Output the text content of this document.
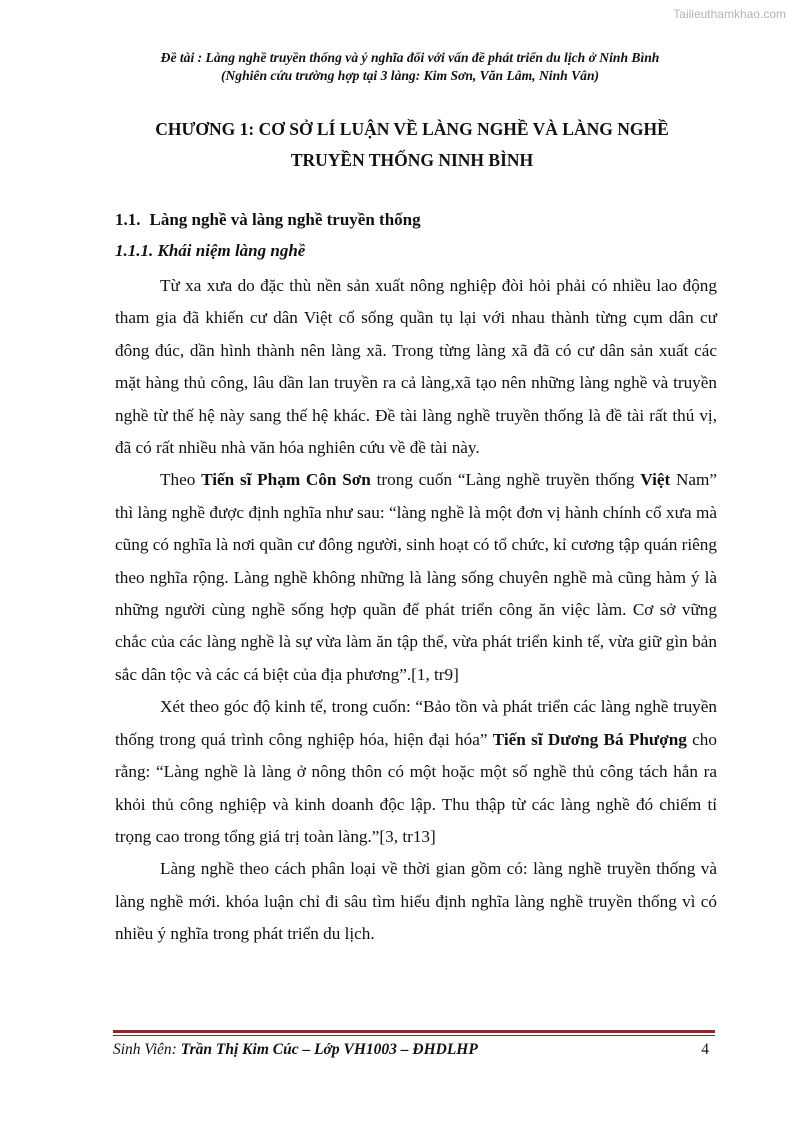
Tailieuthamkhao.com
Đề tài : Làng nghề truyền thống và ý nghĩa đối với vấn đề phát triển du lịch ở Ninh Bình
(Nghiên cứu trường hợp tại 3 làng: Kim Sơn, Văn Lâm, Ninh Vân)
CHƯƠNG 1: CƠ SỞ LÍ LUẬN VỀ LÀNG NGHỀ VÀ LÀNG NGHỀ
TRUYỀN THỐNG NINH BÌNH
1.1. Làng nghề và làng nghề truyền thống
1.1.1. Khái niệm làng nghề

Từ xa xưa do đặc thù nền sản xuất nông nghiệp đòi hỏi phải có nhiều lao động tham gia đã khiến cư dân Việt cổ sống quần tụ lại với nhau thành từng cụm dân cư đông đúc, dần hình thành nên làng xã. Trong từng làng xã đã có cư dân sản xuất các mặt hàng thủ công, lâu dần lan truyền ra cả làng,xã tạo nên những làng nghề và truyền nghề từ thế hệ này sang thế hệ khác. Đề tài làng nghề truyền thống là đề tài rất thú vị, đã có rất nhiều nhà văn hóa nghiên cứu về đề tài này.

Theo Tiến sĩ Phạm Côn Sơn trong cuốn “Làng nghề truyền thống Việt Nam” thì làng nghề được định nghĩa như sau: “làng nghề là một đơn vị hành chính cổ xưa mà cũng có nghĩa là nơi quần cư đông người, sinh hoạt có tổ chức, kỉ cương tập quán riêng theo nghĩa rộng. Làng nghề không những là làng sống chuyên nghề mà cũng hàm ý là những người cùng nghề sống hợp quần để phát triển công ăn việc làm. Cơ sở vững chắc của các làng nghề là sự vừa làm ăn tập thể, vừa phát triển kinh tế, vừa giữ gìn bản sắc dân tộc và các cá biệt của địa phương”.[1, tr9]

Xét theo góc độ kinh tế, trong cuốn: “Bảo tồn và phát triển các làng nghề truyền thống trong quá trình công nghiệp hóa, hiện đại hóa” Tiến sĩ Dương Bá Phượng cho rằng: “Làng nghề là làng ở nông thôn có một hoặc một số nghề thủ công tách hẳn ra khỏi thủ công nghiệp và kinh doanh độc lập. Thu thập từ các làng nghề đó chiếm tỉ trọng cao trong tổng giá trị toàn làng.”[3, tr13]

Làng nghề theo cách phân loại về thời gian gồm có: làng nghề truyền thống và làng nghề mới. khóa luận chỉ đi sâu tìm hiểu định nghĩa làng nghề truyền thống vì có nhiều ý nghĩa trong phát triển du lịch.

Sinh Viên: Trần Thị Kim Cúc – Lớp VH1003 – ĐHDLHP	4
